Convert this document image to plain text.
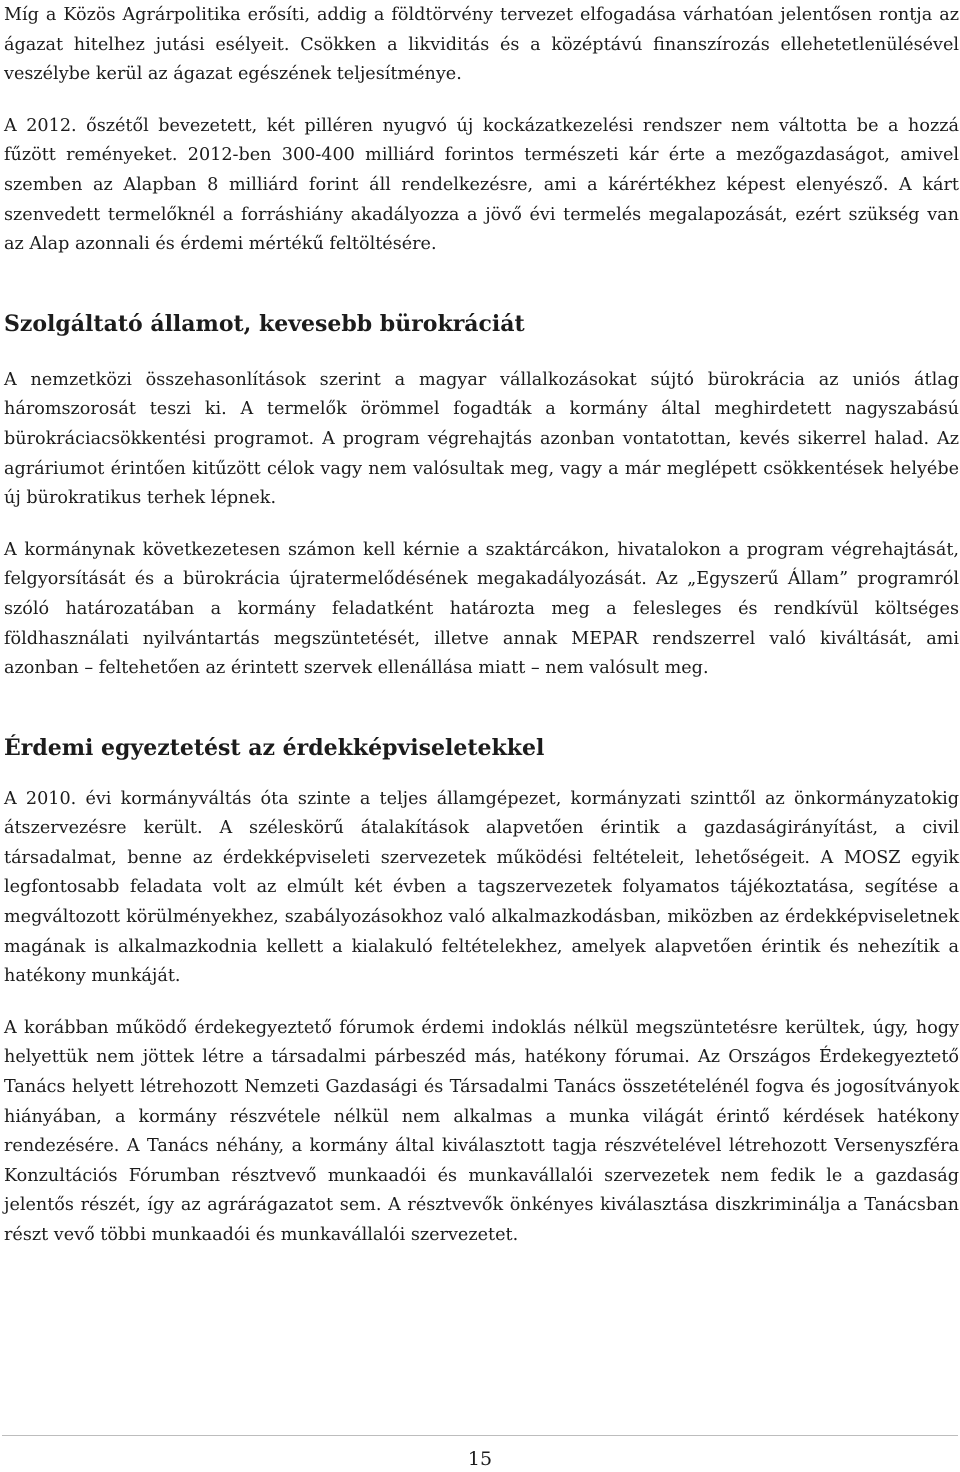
Míg a Közös Agrárpolitika erősíti, addig a földtörvény tervezet elfogadása várhatóan jelentősen rontja az ágazat hitelhez jutási esélyeit. Csökken a likviditás és a középtávú finanszírozás ellehetetlenülésével veszélybe kerül az ágazat egészének teljesítménye.

A 2012. őszétől bevezetett, két pilléren nyugvó új kockázatkezelési rendszer nem váltotta be a hozzá fűzött reményeket. 2012-ben 300-400 milliárd forintos természeti kár érte a mezőgazdaságot, amivel szemben az Alapban 8 milliárd forint áll rendelkezésre, ami a kárértékhez képest elenyésző. A kárt szenvedett termelőknél a forráshiány akadályozza a jövő évi termelés megalapozását, ezért szükség van az Alap azonnali és érdemi mértékű feltöltésére.

Szolgáltató államot, kevesebb bürokráciát

A nemzetközi összehasonlítások szerint a magyar vállalkozásokat sújtó bürokrácia az uniós átlag háromszorosát teszi ki. A termelők örömmel fogadták a kormány által meghirdetett nagyszabású bürokráciacsökkentési programot. A program végrehajtás azonban vontatottan, kevés sikerrel halad. Az agráriumot érintően kitűzött célok vagy nem valósultak meg, vagy a már meglépett csökkentések helyébe új bürokratikus terhek lépnek.

A kormánynak következetesen számon kell kérnie a szaktárcákon, hivatalokon a program végrehajtását, felgyorsítását és a bürokrácia újratermelődésének megakadályozását. Az „Egyszerű Állam” programról szóló határozatában a kormány feladatként határozta meg a felesleges és rendkívül költséges földhasználati nyilvántartás megszüntetését, illetve annak MEPAR rendszerrel való kiváltását, ami azonban – feltehetően az érintett szervek ellenállása miatt – nem valósult meg.

Érdemi egyeztetést az érdekképviseletekkel

A 2010. évi kormányváltás óta szinte a teljes államgépezet, kormányzati szinttől az önkormányzatokig átszervezésre került. A széleskörű átalakítások alapvetően érintik a gazdaságirányítást, a civil társadalmat, benne az érdekképviseleti szervezetek működési feltételeit, lehetőségeit. A MOSZ egyik legfontosabb feladata volt az elmúlt két évben a tagszervezetek folyamatos tájékoztatása, segítése a megváltozott körülményekhez, szabályozásokhoz való alkalmazkodásban, miközben az érdekképviseletnek magának is alkalmazkodnia kellett a kialakuló feltételekhez, amelyek alapvetően érintik és nehezítik a hatékony munkáját.

A korábban működő érdekegyeztető fórumok érdemi indoklás nélkül megszüntetésre kerültek, úgy, hogy helyettük nem jöttek létre a társadalmi párbeszéd más, hatékony fórumai. Az Országos Érdekegyeztető Tanács helyett létrehozott Nemzeti Gazdasági és Társadalmi Tanács összetételénél fogva és jogosítványok hiányában, a kormány részvétele nélkül nem alkalmas a munka világát érintő kérdések hatékony rendezésére. A Tanács néhány, a kormány által kiválasztott tagja részvételével létrehozott Versenyszféra Konzultációs Fórumban résztvevő munkaadói és munkavállalói szervezetek nem fedik le a gazdaság jelentős részét, így az agrárágazatot sem. A résztvevők önkényes kiválasztása diszkriminálja a Tanácsban részt vevő többi munkaadói és munkavállalói szervezetet.

15
